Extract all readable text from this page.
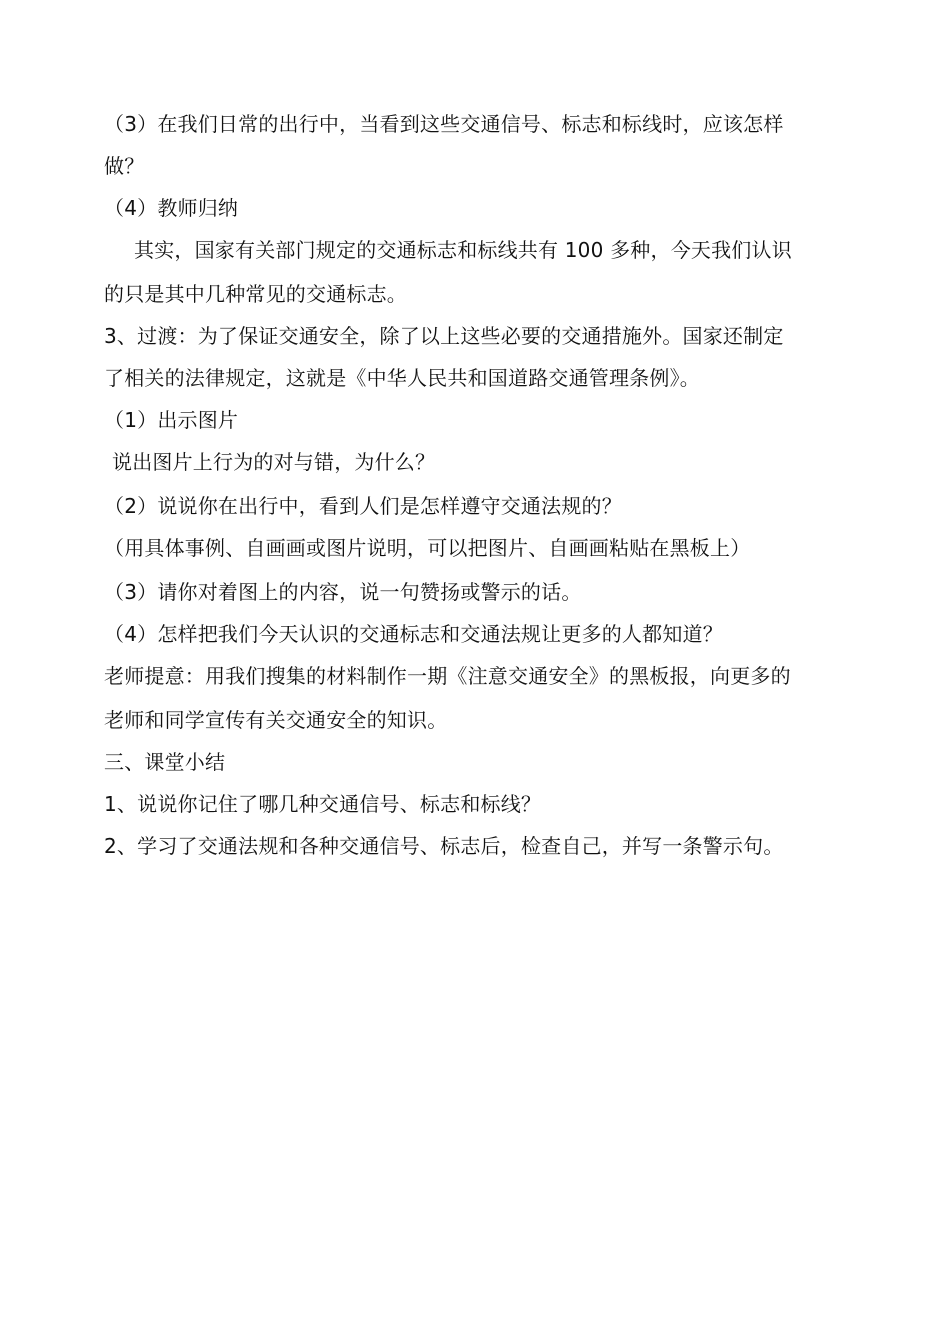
（3）在我们日常的出行中，当看到这些交通信号、标志和标线时，应该怎样
做？
（4）教师归纳
其实，国家有关部门规定的交通标志和标线共有 100 多种，今天我们认识
的只是其中几种常见的交通标志。
3、过渡：为了保证交通安全，除了以上这些必要的交通措施外。国家还制定
了相关的法律规定，这就是《中华人民共和国道路交通管理条例》。
（1）出示图片
说出图片上行为的对与错，为什么？
（2）说说你在出行中，看到人们是怎样遵守交通法规的？
（用具体事例、自画画或图片说明，可以把图片、自画画粘贴在黑板上）
（3）请你对着图上的内容，说一句赞扬或警示的话。
（4）怎样把我们今天认识的交通标志和交通法规让更多的人都知道？
老师提意：用我们搜集的材料制作一期《注意交通安全》的黑板报，向更多的
老师和同学宣传有关交通安全的知识。
三、课堂小结
1、说说你记住了哪几种交通信号、标志和标线？
2、学习了交通法规和各种交通信号、标志后，检查自己，并写一条警示句。
